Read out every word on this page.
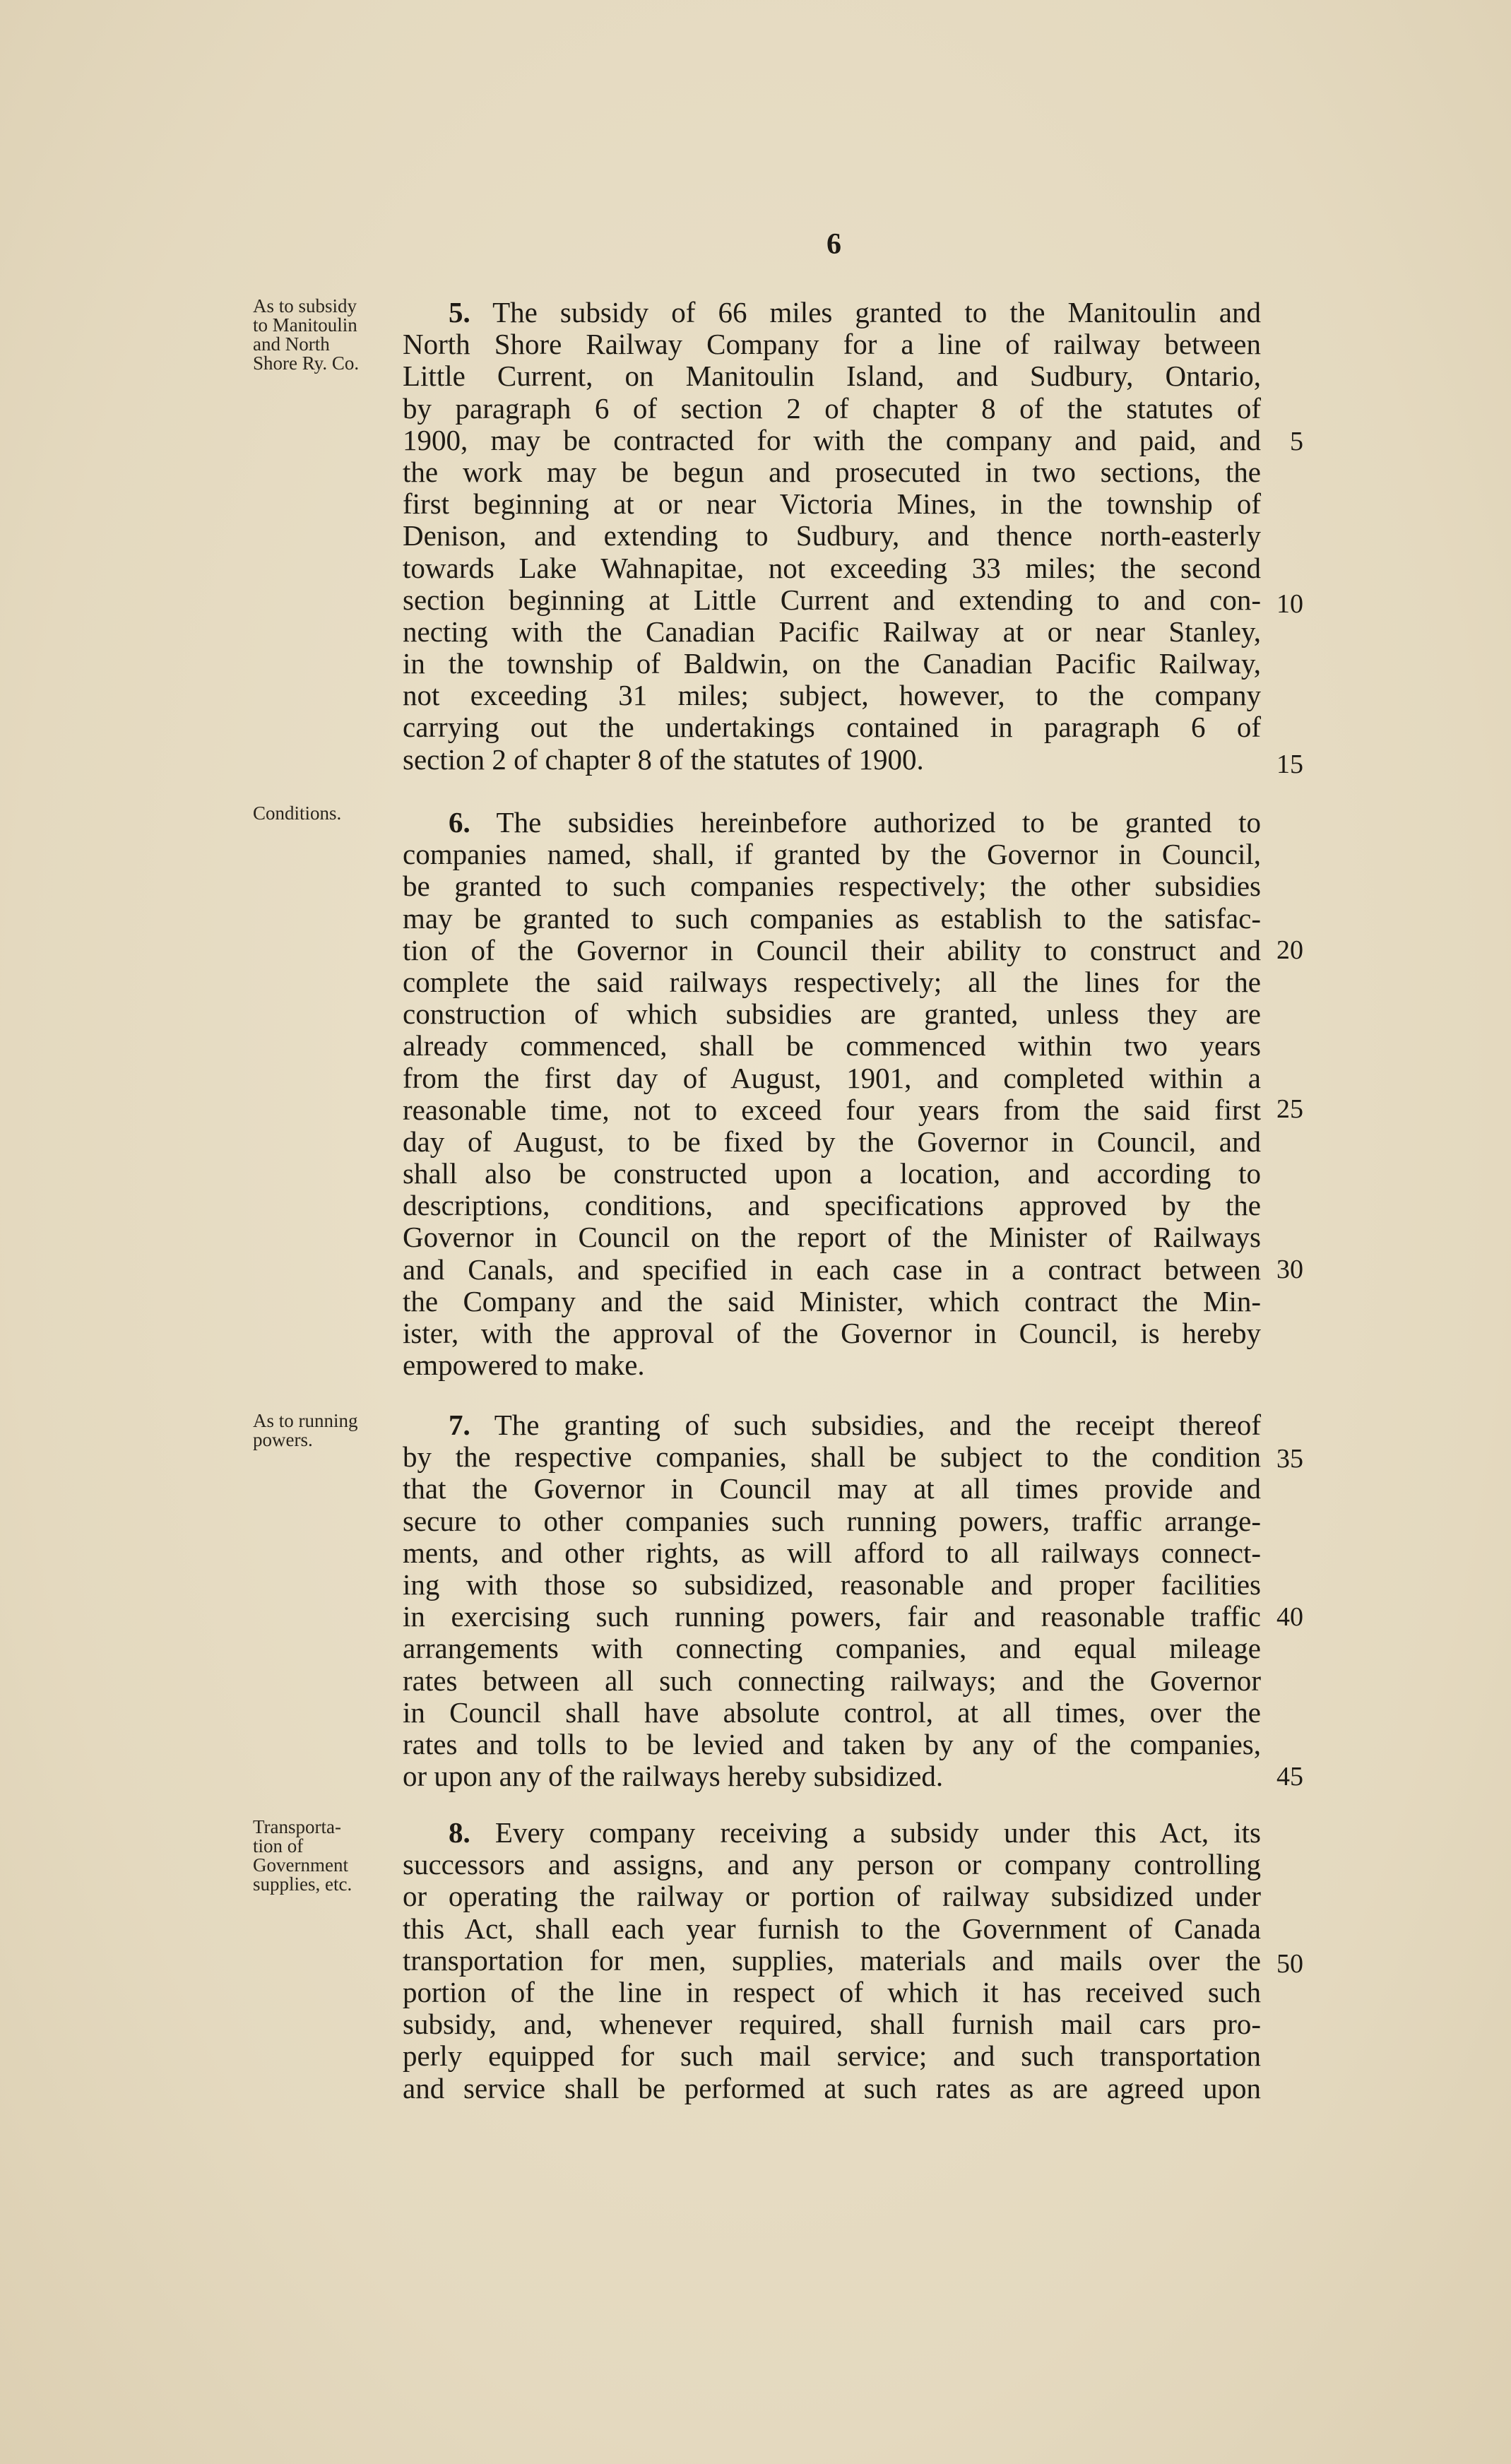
6
As to subsidy
to Manitoulin
and North
Shore Ry. Co.
5. The subsidy of 66 miles granted to the Manitoulin and
North Shore Railway Company for a line of railway between
Little Current, on Manitoulin Island, and Sudbury, Ontario,
by paragraph 6 of section 2 of chapter 8 of the statutes of
1900, may be contracted for with the company and paid, and
the work may be begun and prosecuted in two sections, the
first beginning at or near Victoria Mines, in the township of
Denison, and extending to Sudbury, and thence north-easterly
towards Lake Wahnapitae, not exceeding 33 miles; the second
section beginning at Little Current and extending to and con-
necting with the Canadian Pacific Railway at or near Stanley,
in the township of Baldwin, on the Canadian Pacific Railway,
not exceeding 31 miles; subject, however, to the company
carrying out the undertakings contained in paragraph 6 of
section 2 of chapter 8 of the statutes of 1900.
Conditions.	6. The subsidies hereinbefore authorized to be granted to
companies named, shall, if granted by the Governor in Council,
be granted to such companies respectively; the other subsidies
may be granted to such companies as establish to the satisfac-
tion of the Governor in Council their ability to construct and
complete the said railways respectively; all the lines for the
construction of which subsidies are granted, unless they are
already commenced, shall be commenced within two years
from the first day of August, 1901, and completed within a
reasonable time, not to exceed four years from the said first
day of August, to be fixed by the Governor in Council, and
shall also be constructed upon a location, and according to
descriptions, conditions, and specifications approved by the
Governor in Council on the report of the Minister of Railways
and Canals, and specified in each case in a contract between
the Company and the said Minister, which contract the Min-
ister, with the approval of the Governor in Council, is hereby
empowered to make.
As to running
powers.	7. The granting of such subsidies, and the receipt thereof
by the respective companies, shall be subject to the condition
that the Governor in Council may at all times provide and
secure to other companies such running powers, traffic arrange-
ments, and other rights, as will afford to all railways connect-
ing with those so subsidized, reasonable and proper facilities
in exercising such running powers, fair and reasonable traffic
arrangements with connecting companies, and equal mileage
rates between all such connecting railways; and the Governor
in Council shall have absolute control, at all times, over the
rates and tolls to be levied and taken by any of the companies,
or upon any of the railways hereby subsidized.
Transporta-
tion of
Government
supplies, etc.
8. Every company receiving a subsidy under this Act, its
successors and assigns, and any person or company controlling
or operating the railway or portion of railway subsidized under
this Act, shall each year furnish to the Government of Canada
transportation for men, supplies, materials and mails over the
portion of the line in respect of which it has received such
subsidy, and, whenever required, shall furnish mail cars pro-
perly equipped for such mail service; and such transportation
and service shall be performed at such rates as are agreed upon
5
10
15
20
25
30
35
40
45
50
